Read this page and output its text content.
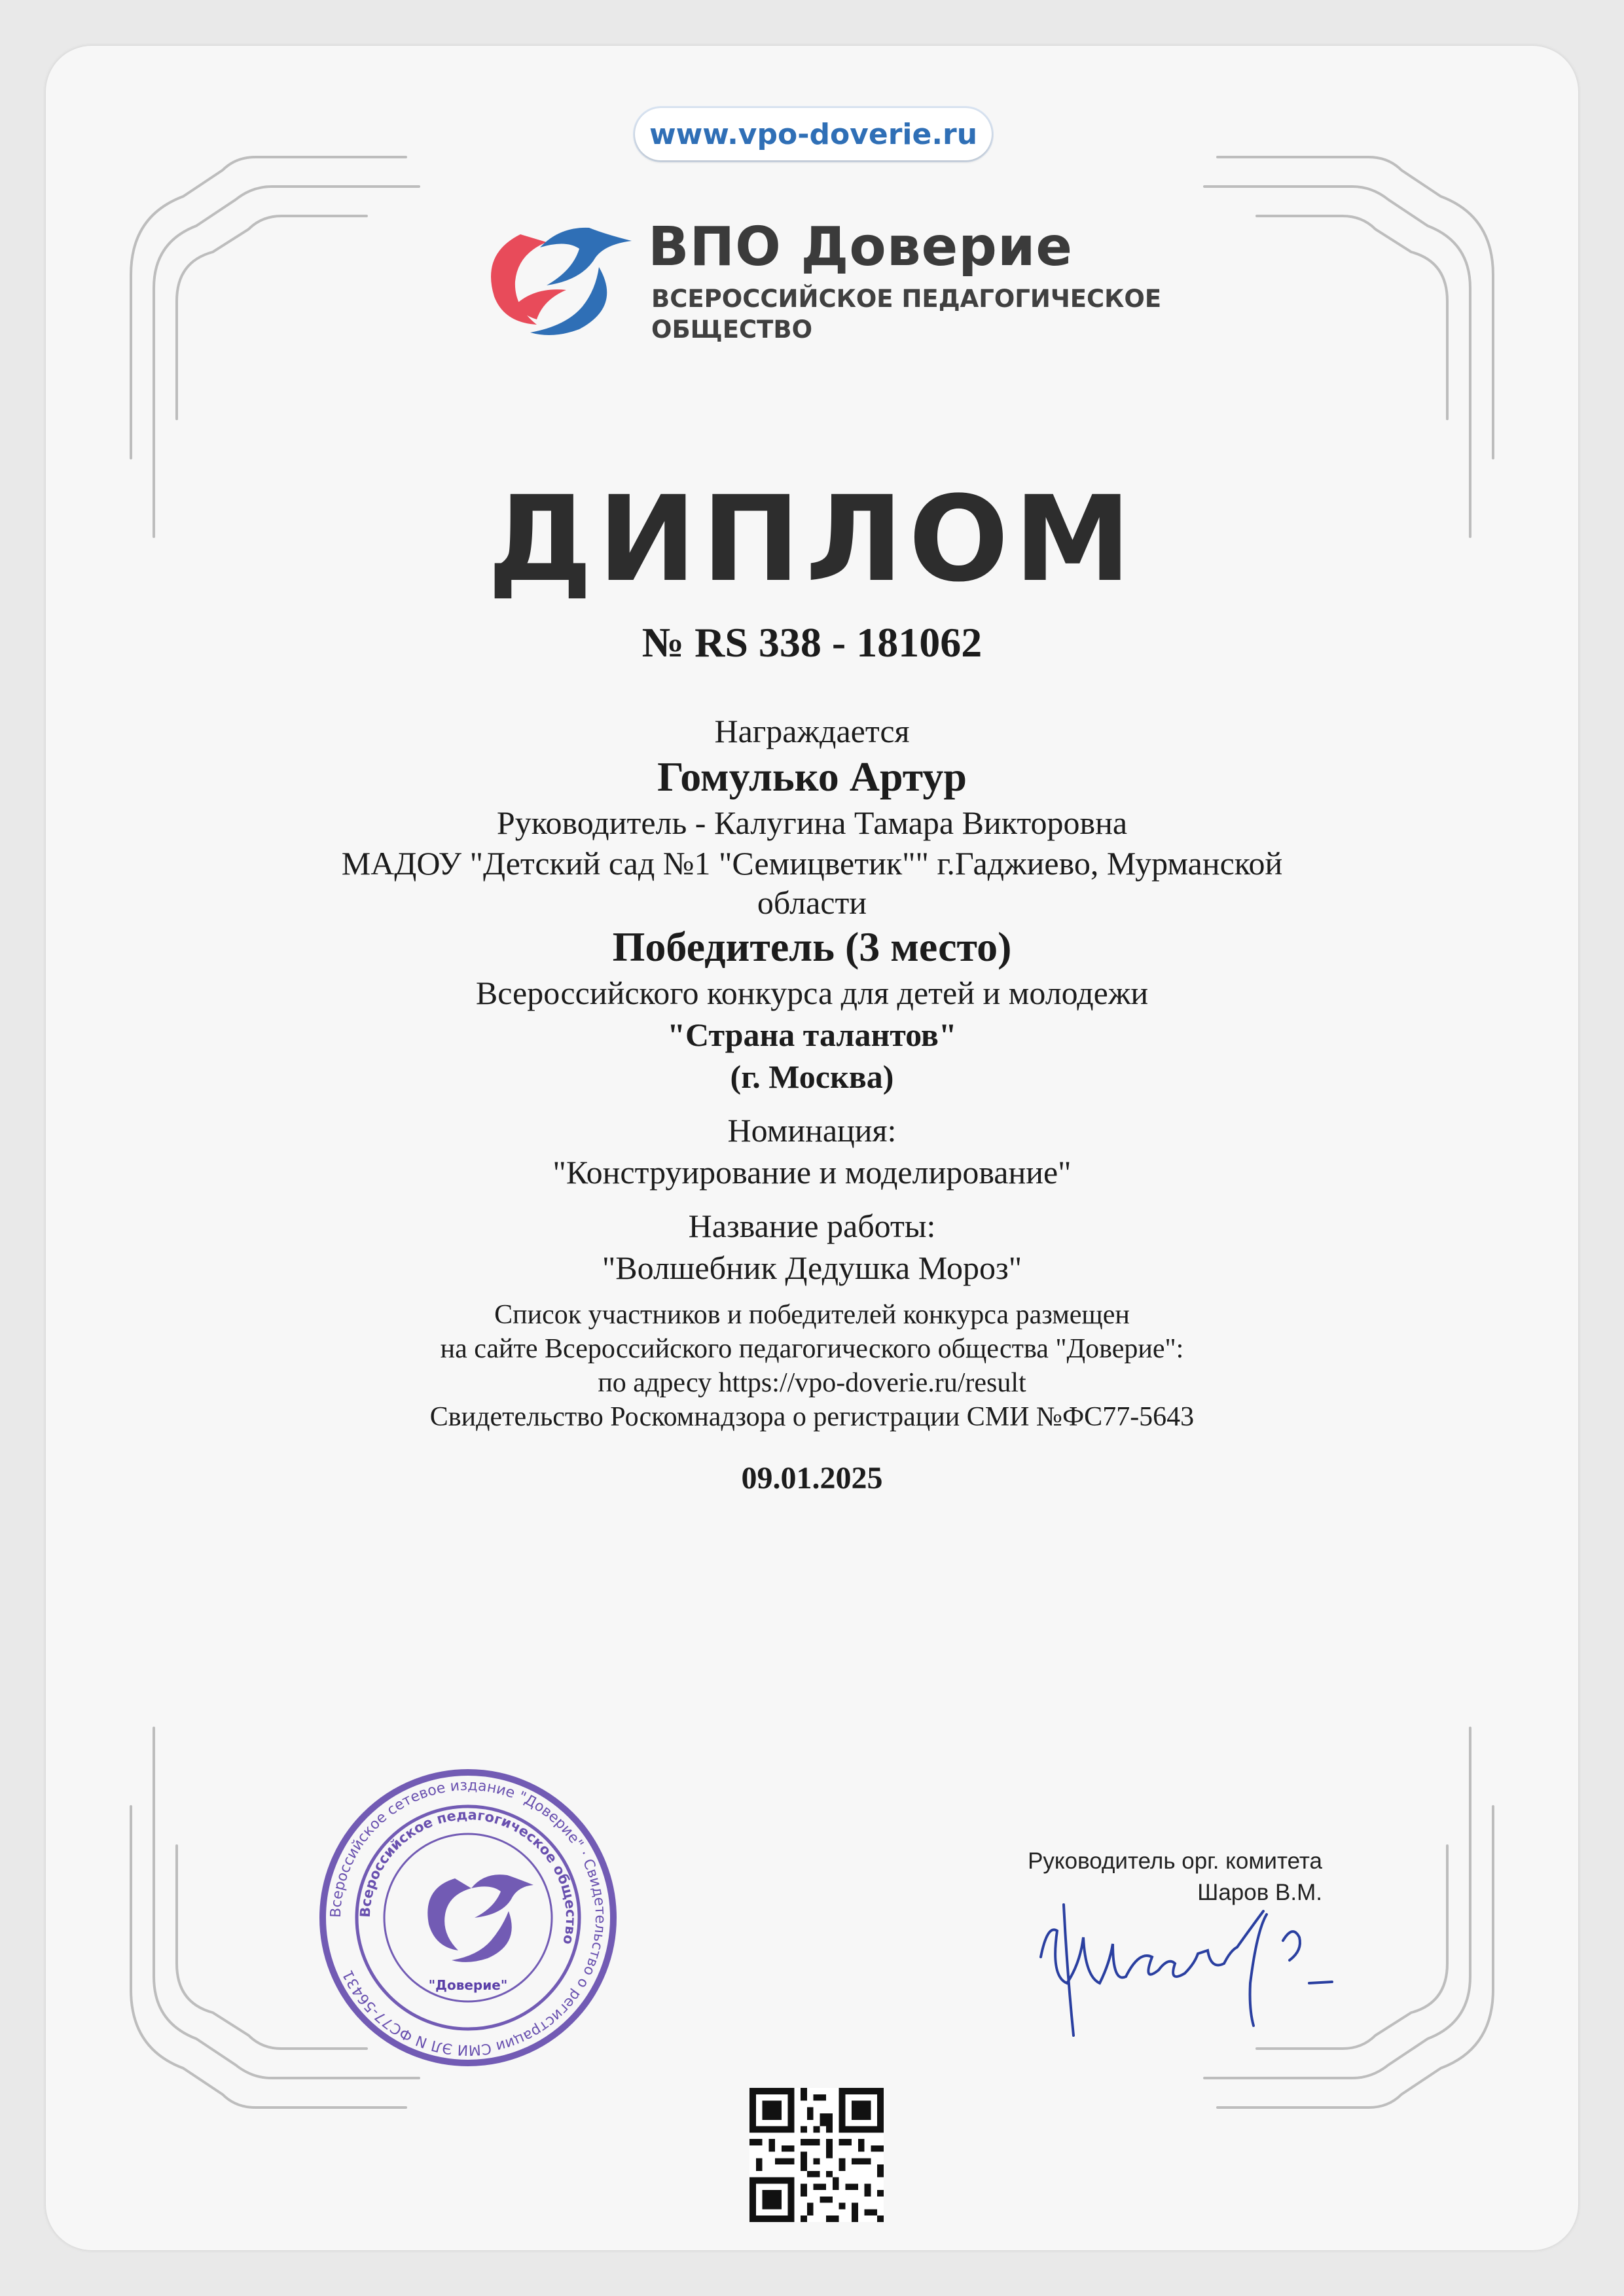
www.vpo-doverie.ru
ВПО Доверие
ВСЕРОССИЙСКОЕ ПЕДАГОГИЧЕСКОЕ
ОБЩЕСТВО
ДИПЛОМ
№ RS 338 - 181062
Награждается
Гомулько Артур
Руководитель - Калугина Тамара Викторовна
МАДОУ "Детский сад №1 "Семицветик"" г.Гаджиево, Мурманской области
Победитель (3 место)
Всероссийского конкурса для детей и молодежи
"Страна талантов"
(г. Москва)
Номинация:
"Конструирование и моделирование"
Название работы:
"Волшебник Дедушка Мороз"
Список участников и победителей конкурса размещен
на сайте Всероссийского педагогического общества "Доверие":
по адресу https://vpo-doverie.ru/result
Свидетельство Роскомнадзора о регистрации СМИ №ФС77-5643
09.01.2025
Всероссийское сетевое издание "Доверие" · Свидетельство о регистрации СМИ ЭЛ N ФС77-56431
Всероссийское педагогическое общество
"Доверие"
Руководитель орг. комитета
Шаров В.М.
